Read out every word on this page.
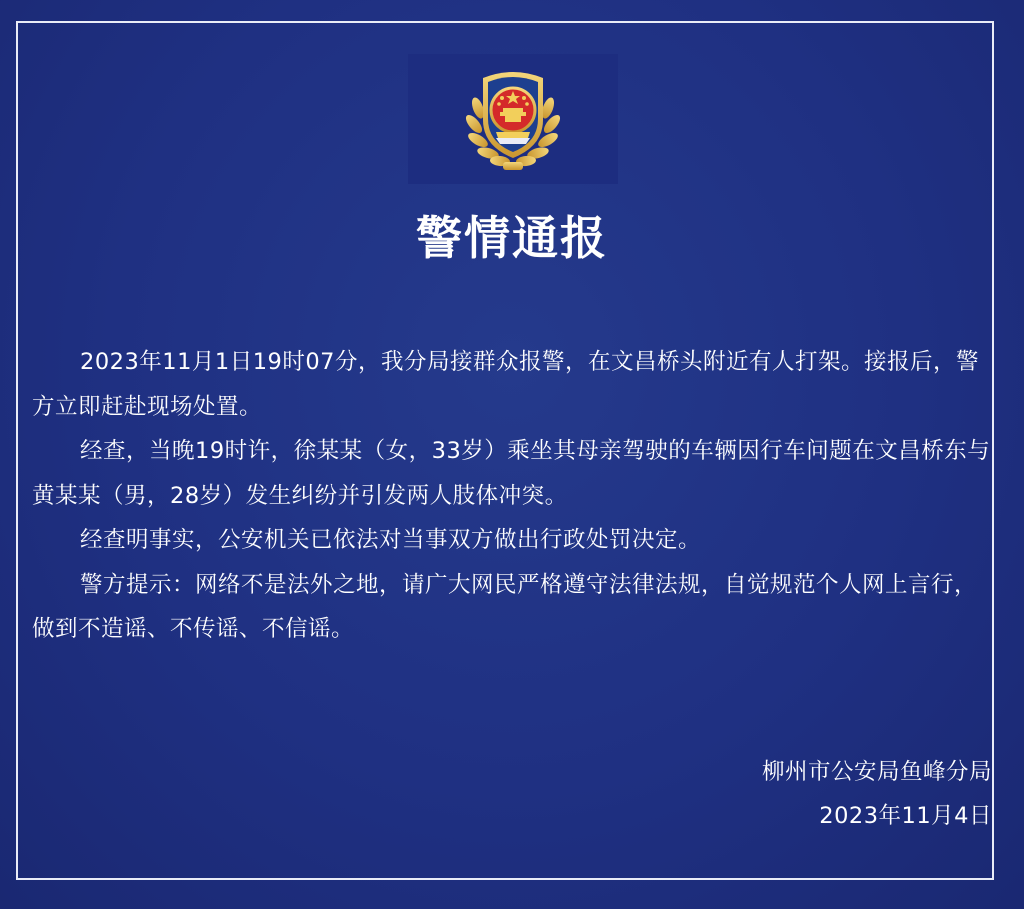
警情通报

2023年11月1日19时07分，我分局接群众报警，在文昌桥头附近有人打架。接报后，警方立即赶赴现场处置。

经查，当晚19时许，徐某某（女，33岁）乘坐其母亲驾驶的车辆因行车问题在文昌桥东与黄某某（男，28岁）发生纠纷并引发两人肢体冲突。

经查明事实，公安机关已依法对当事双方做出行政处罚决定。

警方提示：网络不是法外之地，请广大网民严格遵守法律法规，自觉规范个人网上言行，做到不造谣、不传谣、不信谣。

柳州市公安局鱼峰分局
2023年11月4日
